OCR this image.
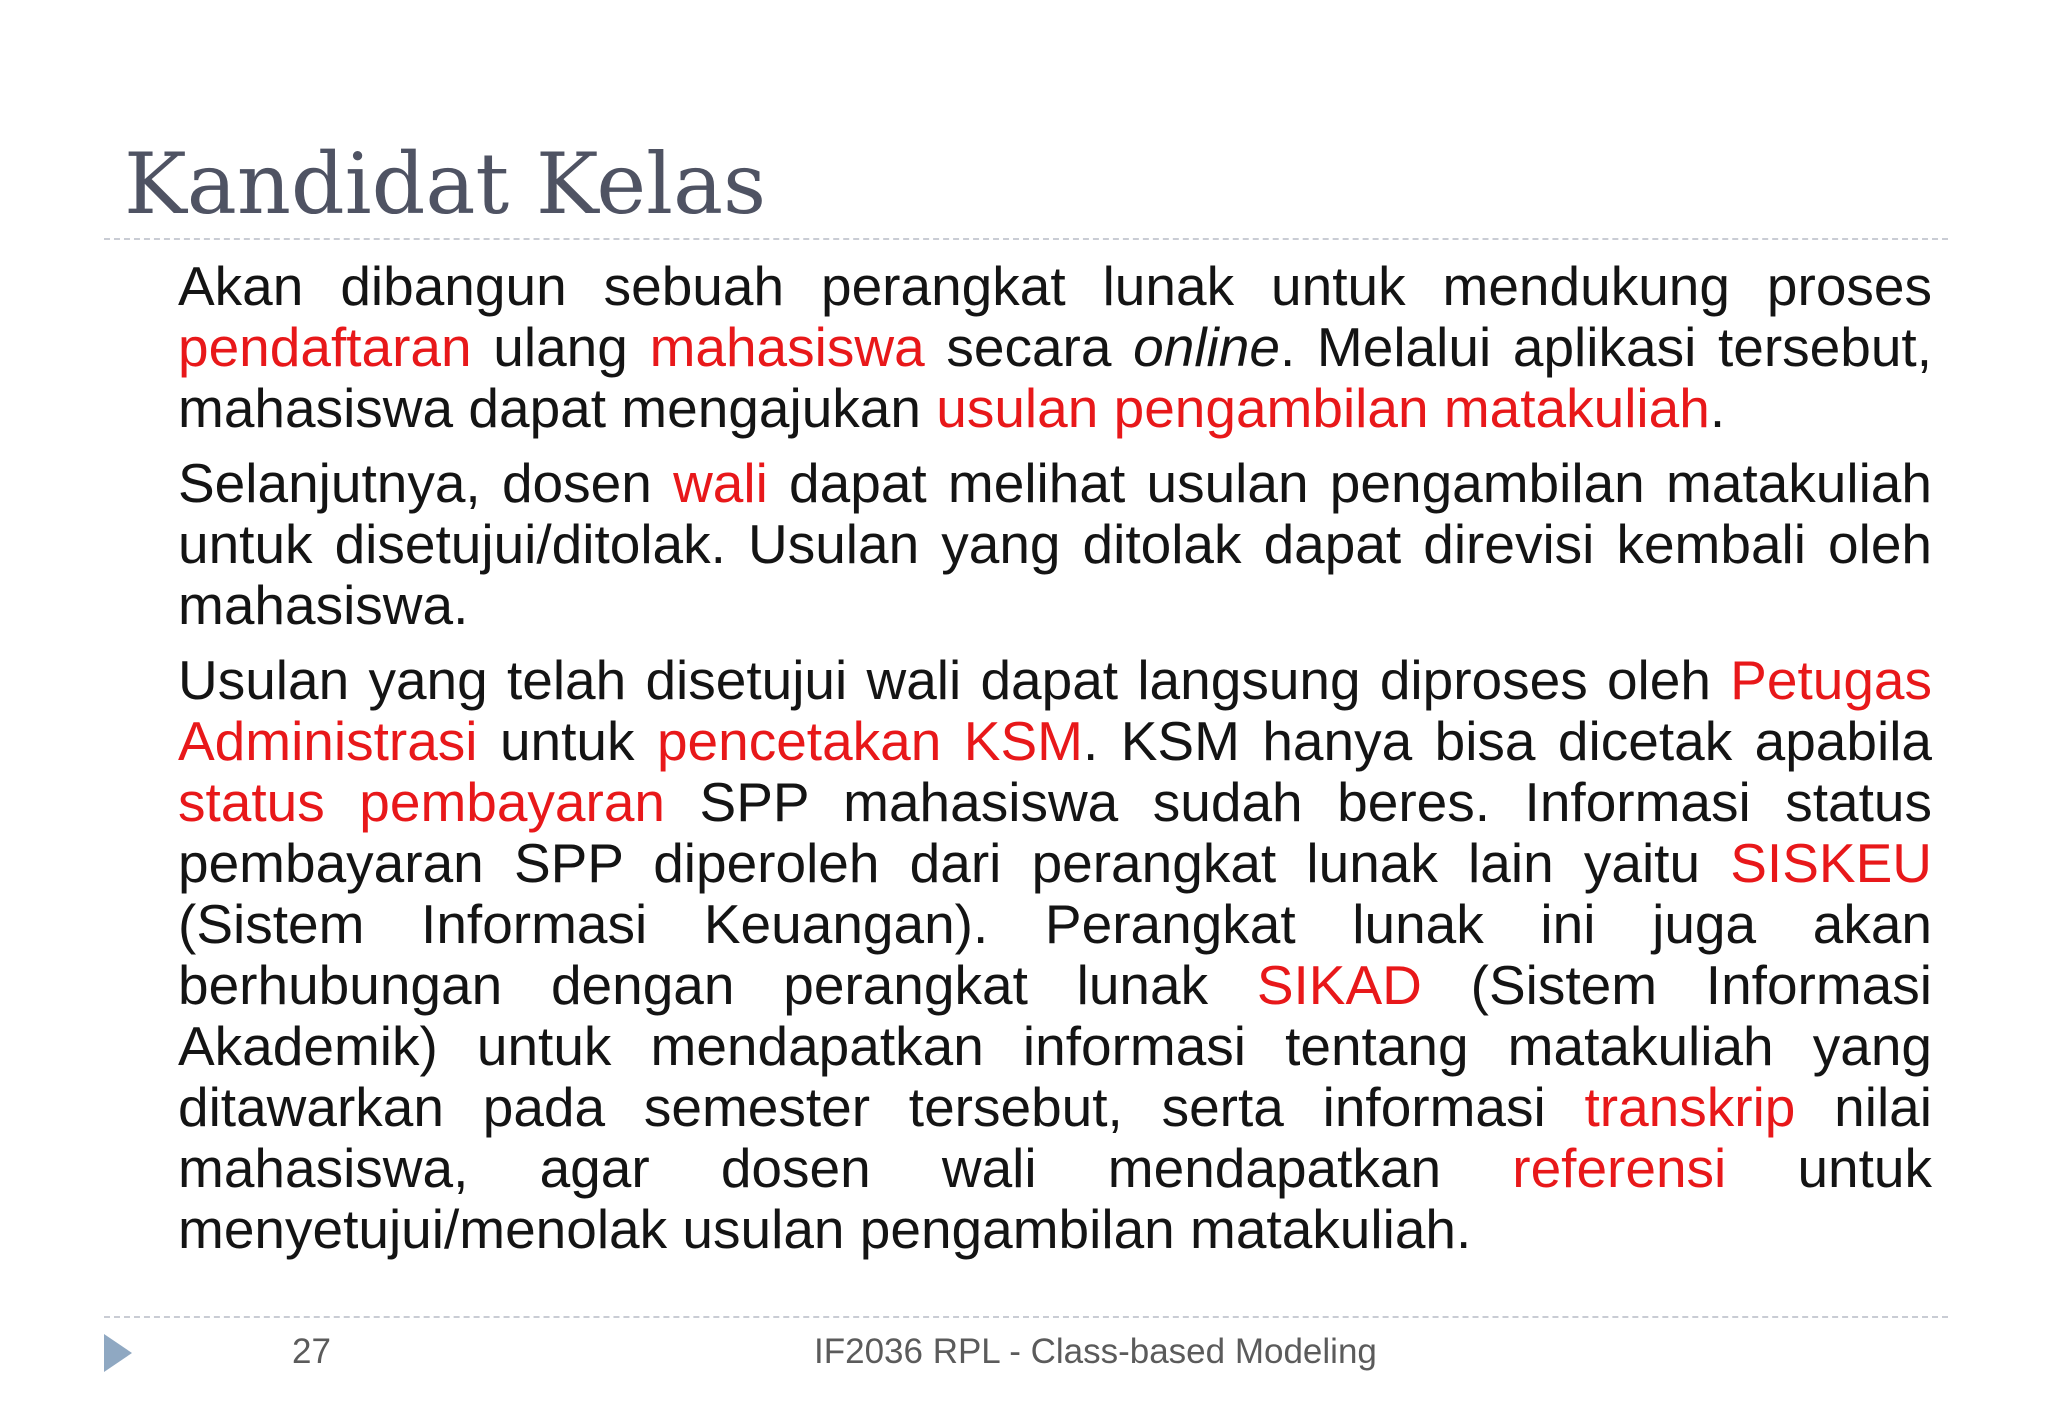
Kandidat Kelas

Akan dibangun sebuah perangkat lunak untuk mendukung proses pendaftaran ulang mahasiswa secara online. Melalui aplikasi tersebut, mahasiswa dapat mengajukan usulan pengambilan matakuliah.

Selanjutnya, dosen wali dapat melihat usulan pengambilan matakuliah untuk disetujui/ditolak. Usulan yang ditolak dapat direvisi kembali oleh mahasiswa.

Usulan yang telah disetujui wali dapat langsung diproses oleh Petugas Administrasi untuk pencetakan KSM. KSM hanya bisa dicetak apabila status pembayaran SPP mahasiswa sudah beres. Informasi status pembayaran SPP diperoleh dari perangkat lunak lain yaitu SISKEU (Sistem Informasi Keuangan). Perangkat lunak ini juga akan berhubungan dengan perangkat lunak SIKAD (Sistem Informasi Akademik) untuk mendapatkan informasi tentang matakuliah yang ditawarkan pada semester tersebut, serta informasi transkrip nilai mahasiswa, agar dosen wali mendapatkan referensi untuk menyetujui/menolak usulan pengambilan matakuliah.

27	IF2036 RPL - Class-based Modeling
